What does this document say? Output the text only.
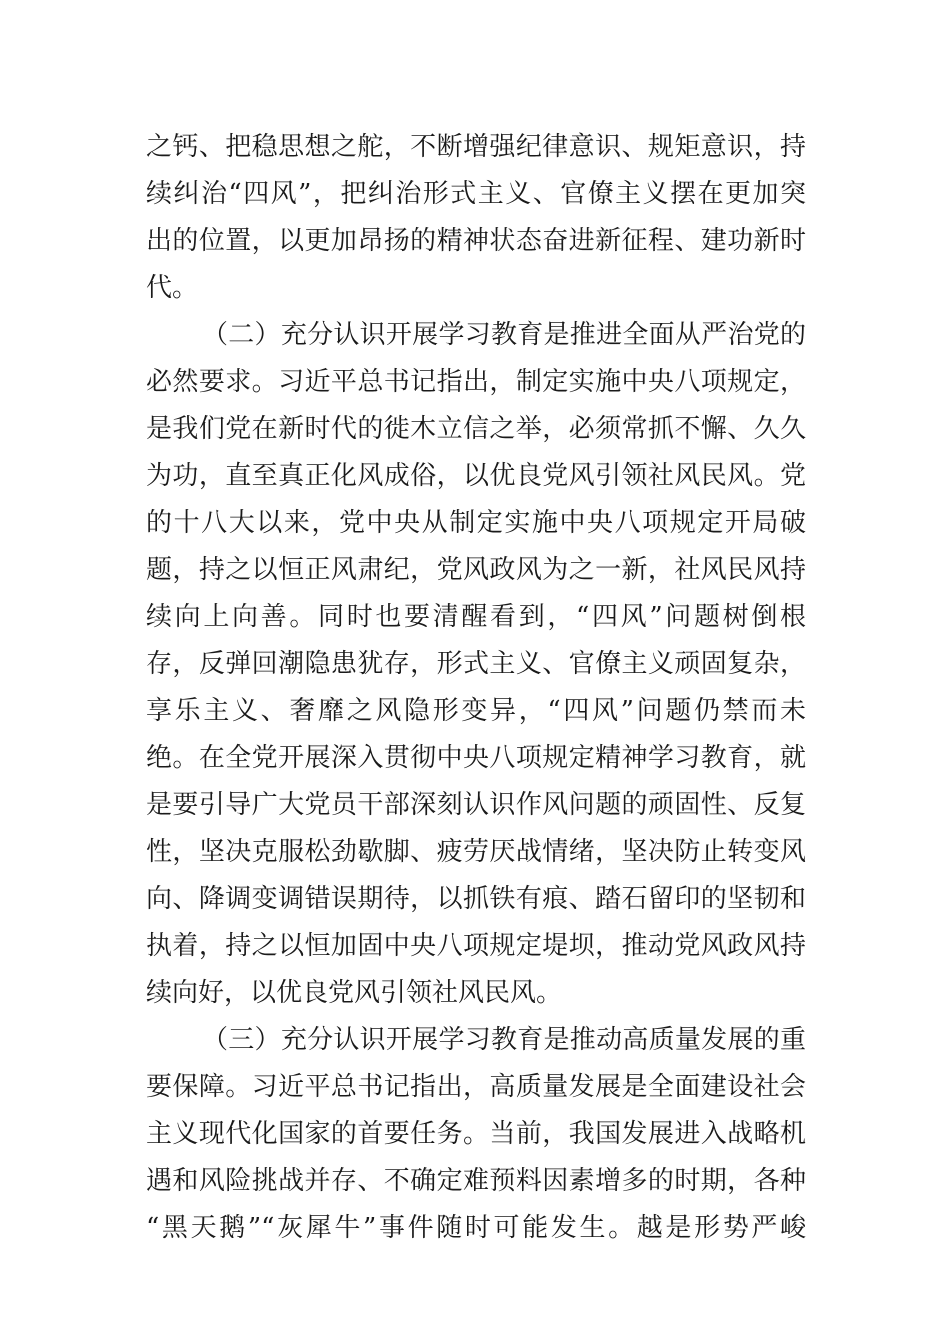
之钙、把稳思想之舵，不断增强纪律意识、规矩意识，持
续纠治“四风”，把纠治形式主义、官僚主义摆在更加突
出的位置，以更加昂扬的精神状态奋进新征程、建功新时
代。
（二）充分认识开展学习教育是推进全面从严治党的
必然要求。习近平总书记指出，制定实施中央八项规定，
是我们党在新时代的徙木立信之举，必须常抓不懈、久久
为功，直至真正化风成俗，以优良党风引领社风民风。党
的十八大以来，党中央从制定实施中央八项规定开局破
题，持之以恒正风肃纪，党风政风为之一新，社风民风持
续向上向善。同时也要清醒看到，“四风”问题树倒根
存，反弹回潮隐患犹存，形式主义、官僚主义顽固复杂，
享乐主义、奢靡之风隐形变异，“四风”问题仍禁而未
绝。在全党开展深入贯彻中央八项规定精神学习教育，就
是要引导广大党员干部深刻认识作风问题的顽固性、反复
性，坚决克服松劲歇脚、疲劳厌战情绪，坚决防止转变风
向、降调变调错误期待，以抓铁有痕、踏石留印的坚韧和
执着，持之以恒加固中央八项规定堤坝，推动党风政风持
续向好，以优良党风引领社风民风。
（三）充分认识开展学习教育是推动高质量发展的重
要保障。习近平总书记指出，高质量发展是全面建设社会
主义现代化国家的首要任务。当前，我国发展进入战略机
遇和风险挑战并存、不确定难预料因素增多的时期，各种
“黑天鹅”“灰犀牛”事件随时可能发生。越是形势严峻
